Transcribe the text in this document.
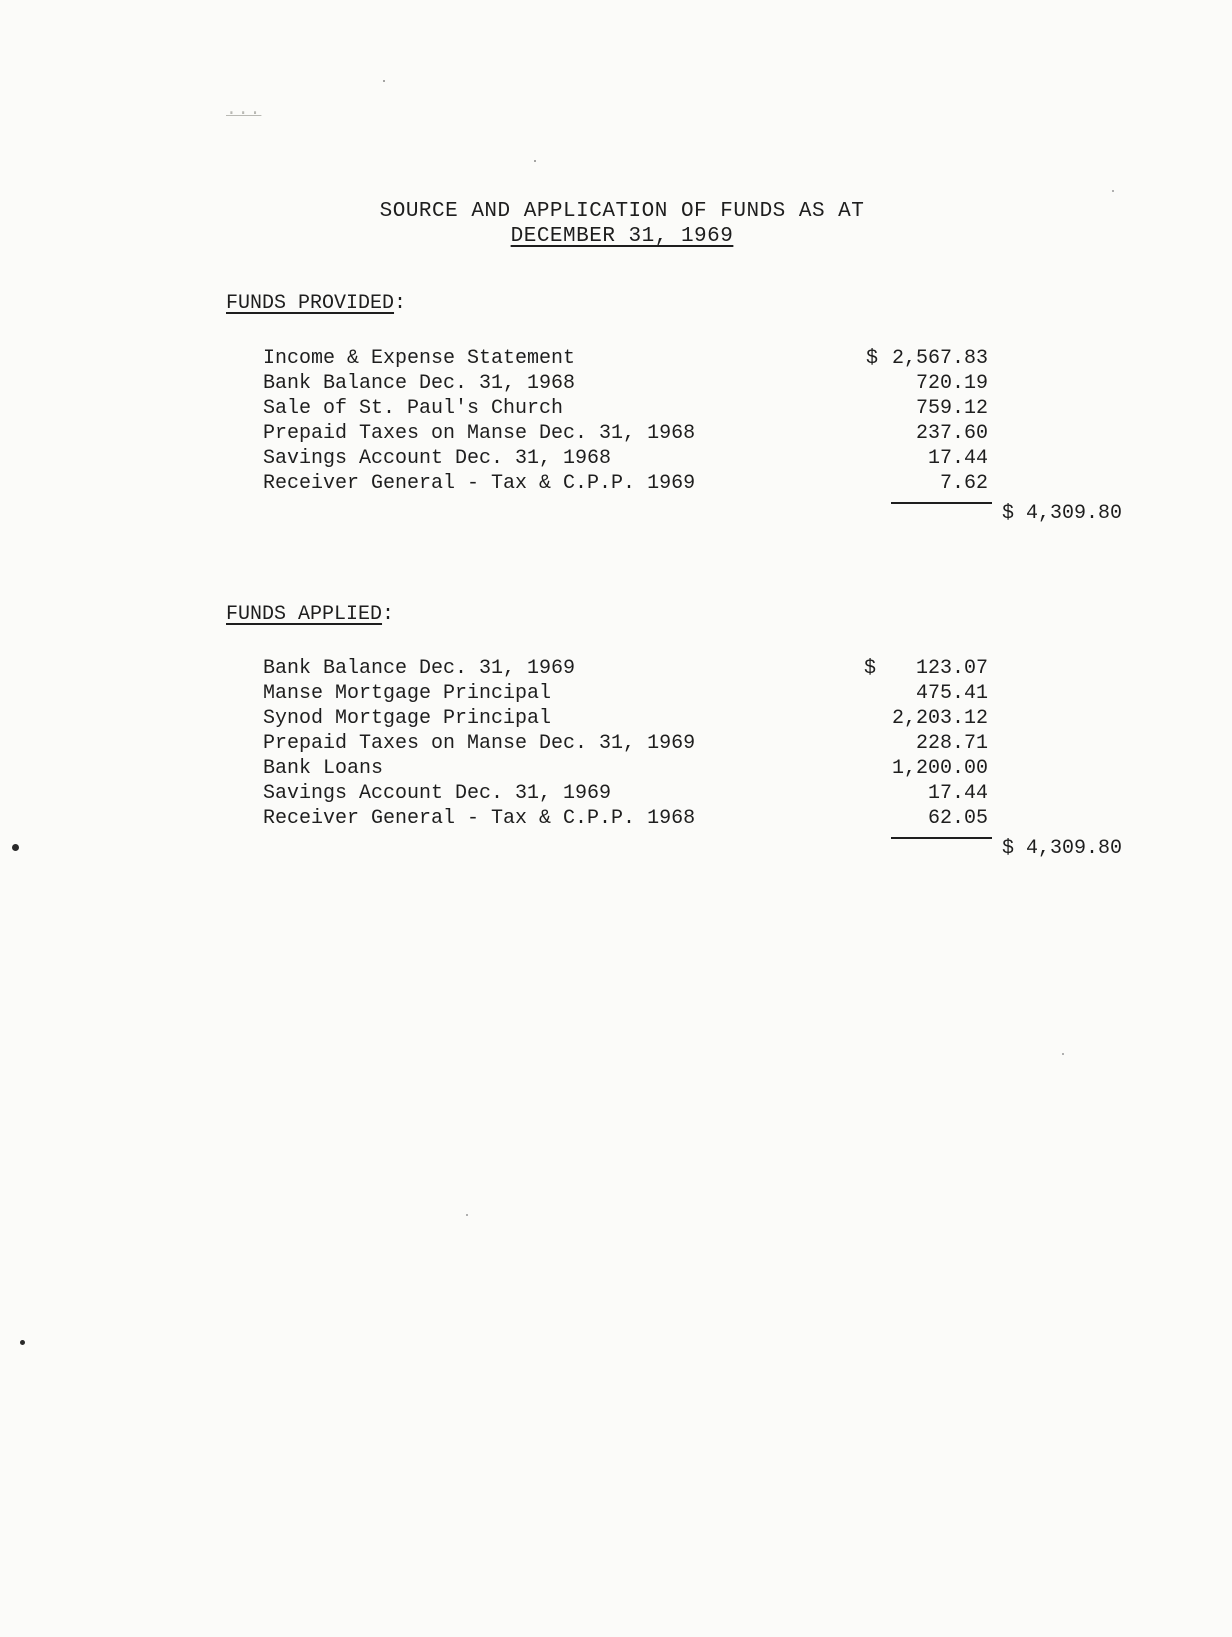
...
SOURCE AND APPLICATION OF FUNDS AS AT
DECEMBER 31, 1969
FUNDS PROVIDED:
Income & Expense Statement	$ 2,567.83
Bank Balance Dec. 31, 1968	720.19
Sale of St. Paul's Church	759.12
Prepaid Taxes on Manse Dec. 31, 1968	237.60
Savings Account Dec. 31, 1968	17.44
Receiver General - Tax & C.P.P. 1969	7.62
$ 4,309.80
FUNDS APPLIED:
Bank Balance Dec. 31, 1969	$ 123.07
Manse Mortgage Principal	475.41
Synod Mortgage Principal	2,203.12
Prepaid Taxes on Manse Dec. 31, 1969	228.71
Bank Loans	1,200.00
Savings Account Dec. 31, 1969	17.44
Receiver General - Tax & C.P.P. 1968	62.05
$ 4,309.80
